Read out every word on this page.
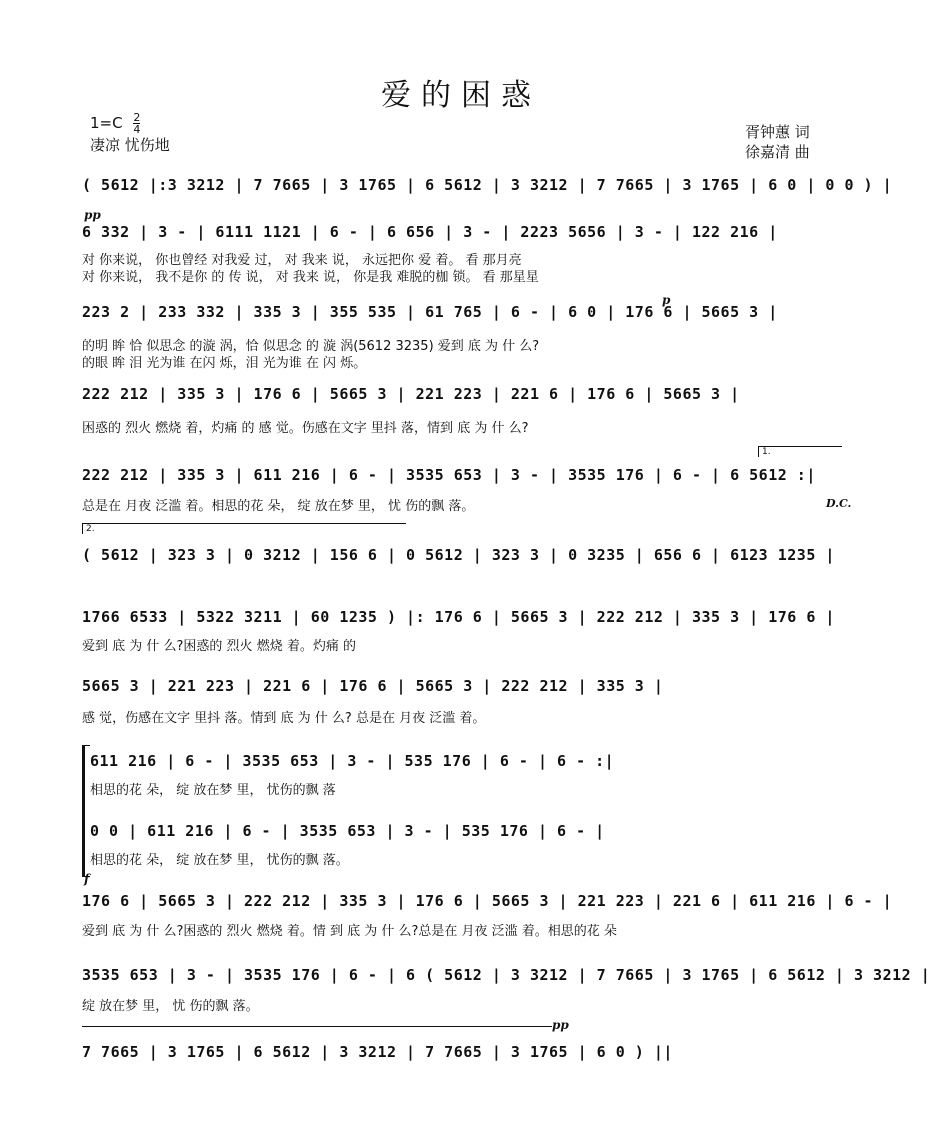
爱的困惑
$1=C \frac{2}{4}$
凄凉 忧伤地
胥钟蕙 词
徐嘉清 曲
( 5612 |:3 3212 | 7 7665 | 3 1765 | 6 5612 | 3 3212 | 7 7665 | 3 1765 | 6 0 | 0 0 ) |
pp
6 332 | 3 - | 6111 1121 | 6 - | 6 656 | 3 - | 2223 5656 | 3 - | 122 216 |
对 你来说， 你也曾经 对我爱 过， 对 我来 说， 永远把你 爱 着。 看 那月亮
对 你来说， 我不是你 的 传 说， 对 我来 说， 你是我 难脱的枷 锁。 看 那星星
p
223 2 | 233 332 | 335 3 | 355 535 | 61 765 | 6 - | 6 0 | 176 6 | 5665 3 |
的明 眸 恰 似思念 的漩 涡，恰 似思念 的 漩 涡(5612 3235) 爱到 底 为 什 么?
的眼 眸 泪 光为谁 在闪 烁，泪 光为谁 在 闪 烁。
222 212 | 335 3 | 176 6 | 5665 3 | 221 223 | 221 6 | 176 6 | 5665 3 |
困惑的 烈火 燃烧 着，灼痛 的 感 觉。伤感在文字 里抖 落，情到 底 为 什 么?
1.
222 212 | 335 3 | 611 216 | 6 - | 3535 653 | 3 - | 3535 176 | 6 - | 6 5612 :|
总是在 月夜 泛滥 着。相思的花 朵， 绽 放在梦 里， 忧 伤的飘 落。	D.C.
2.
( 5612 | 323 3 | 0 3212 | 156 6 | 0 5612 | 323 3 | 0 3235 | 656 6 | 6123 1235 |
1766 6533 | 5322 3211 | 60 1235 ) |: 176 6 | 5665 3 | 222 212 | 335 3 | 176 6 |
爱到 底 为 什 么?困惑的 烈火 燃烧 着。灼痛 的
5665 3 | 221 223 | 221 6 | 176 6 | 5665 3 | 222 212 | 335 3 |
感 觉，伤感在文字 里抖 落。情到 底 为 什 么? 总是在 月夜 泛滥 着。
611 216 | 6 - | 3535 653 | 3 - | 535 176 | 6 - | 6 - :|
相思的花 朵， 绽 放在梦 里， 忧伤的飘 落
0 0 | 611 216 | 6 - | 3535 653 | 3 - | 535 176 | 6 - |
相思的花 朵， 绽 放在梦 里， 忧伤的飘 落。
f
176 6 | 5665 3 | 222 212 | 335 3 | 176 6 | 5665 3 | 221 223 | 221 6 | 611 216 | 6 - |
爱到 底 为 什 么?困惑的 烈火 燃烧 着。情 到 底 为 什 么?总是在 月夜 泛滥 着。相思的花 朵
3535 653 | 3 - | 3535 176 | 6 - | 6 ( 5612 | 3 3212 | 7 7665 | 3 1765 | 6 5612 | 3 3212 |
绽 放在梦 里， 忧 伤的飘 落。
pp
7 7665 | 3 1765 | 6 5612 | 3 3212 | 7 7665 | 3 1765 | 6 0 ) ||
